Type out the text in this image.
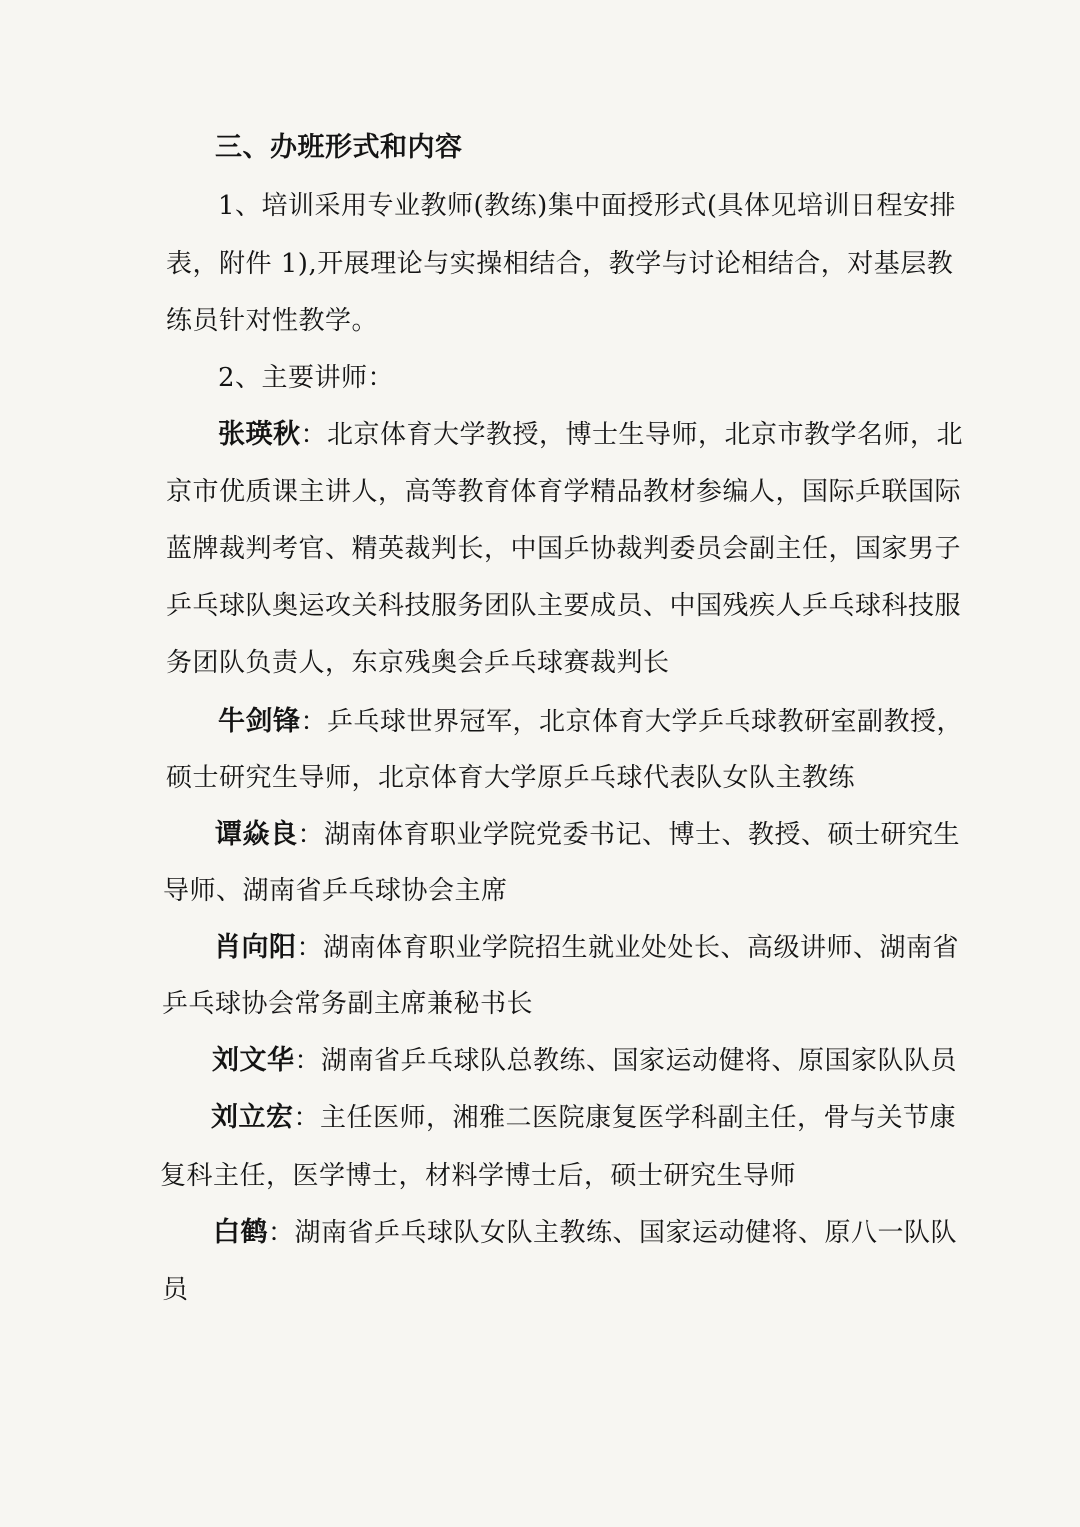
三、办班形式和内容
1、培训采用专业教师(教练)集中面授形式(具体见培训日程安排
表，附件 1),开展理论与实操相结合，教学与讨论相结合，对基层教
练员针对性教学。
2、主要讲师：
张瑛秋：北京体育大学教授，博士生导师，北京市教学名师，北
京市优质课主讲人，高等教育体育学精品教材参编人，国际乒联国际
蓝牌裁判考官、精英裁判长，中国乒协裁判委员会副主任，国家男子
乒乓球队奥运攻关科技服务团队主要成员、中国残疾人乒乓球科技服
务团队负责人，东京残奥会乒乓球赛裁判长
牛剑锋：乒乓球世界冠军，北京体育大学乒乓球教研室副教授，
硕士研究生导师，北京体育大学原乒乓球代表队女队主教练
谭焱良：湖南体育职业学院党委书记、博士、教授、硕士研究生
导师、湖南省乒乓球协会主席
肖向阳：湖南体育职业学院招生就业处处长、高级讲师、湖南省
乒乓球协会常务副主席兼秘书长
刘文华：湖南省乒乓球队总教练、国家运动健将、原国家队队员
刘立宏：主任医师，湘雅二医院康复医学科副主任，骨与关节康
复科主任，医学博士，材料学博士后，硕士研究生导师
白鹤：湖南省乒乓球队女队主教练、国家运动健将、原八一队队
员
